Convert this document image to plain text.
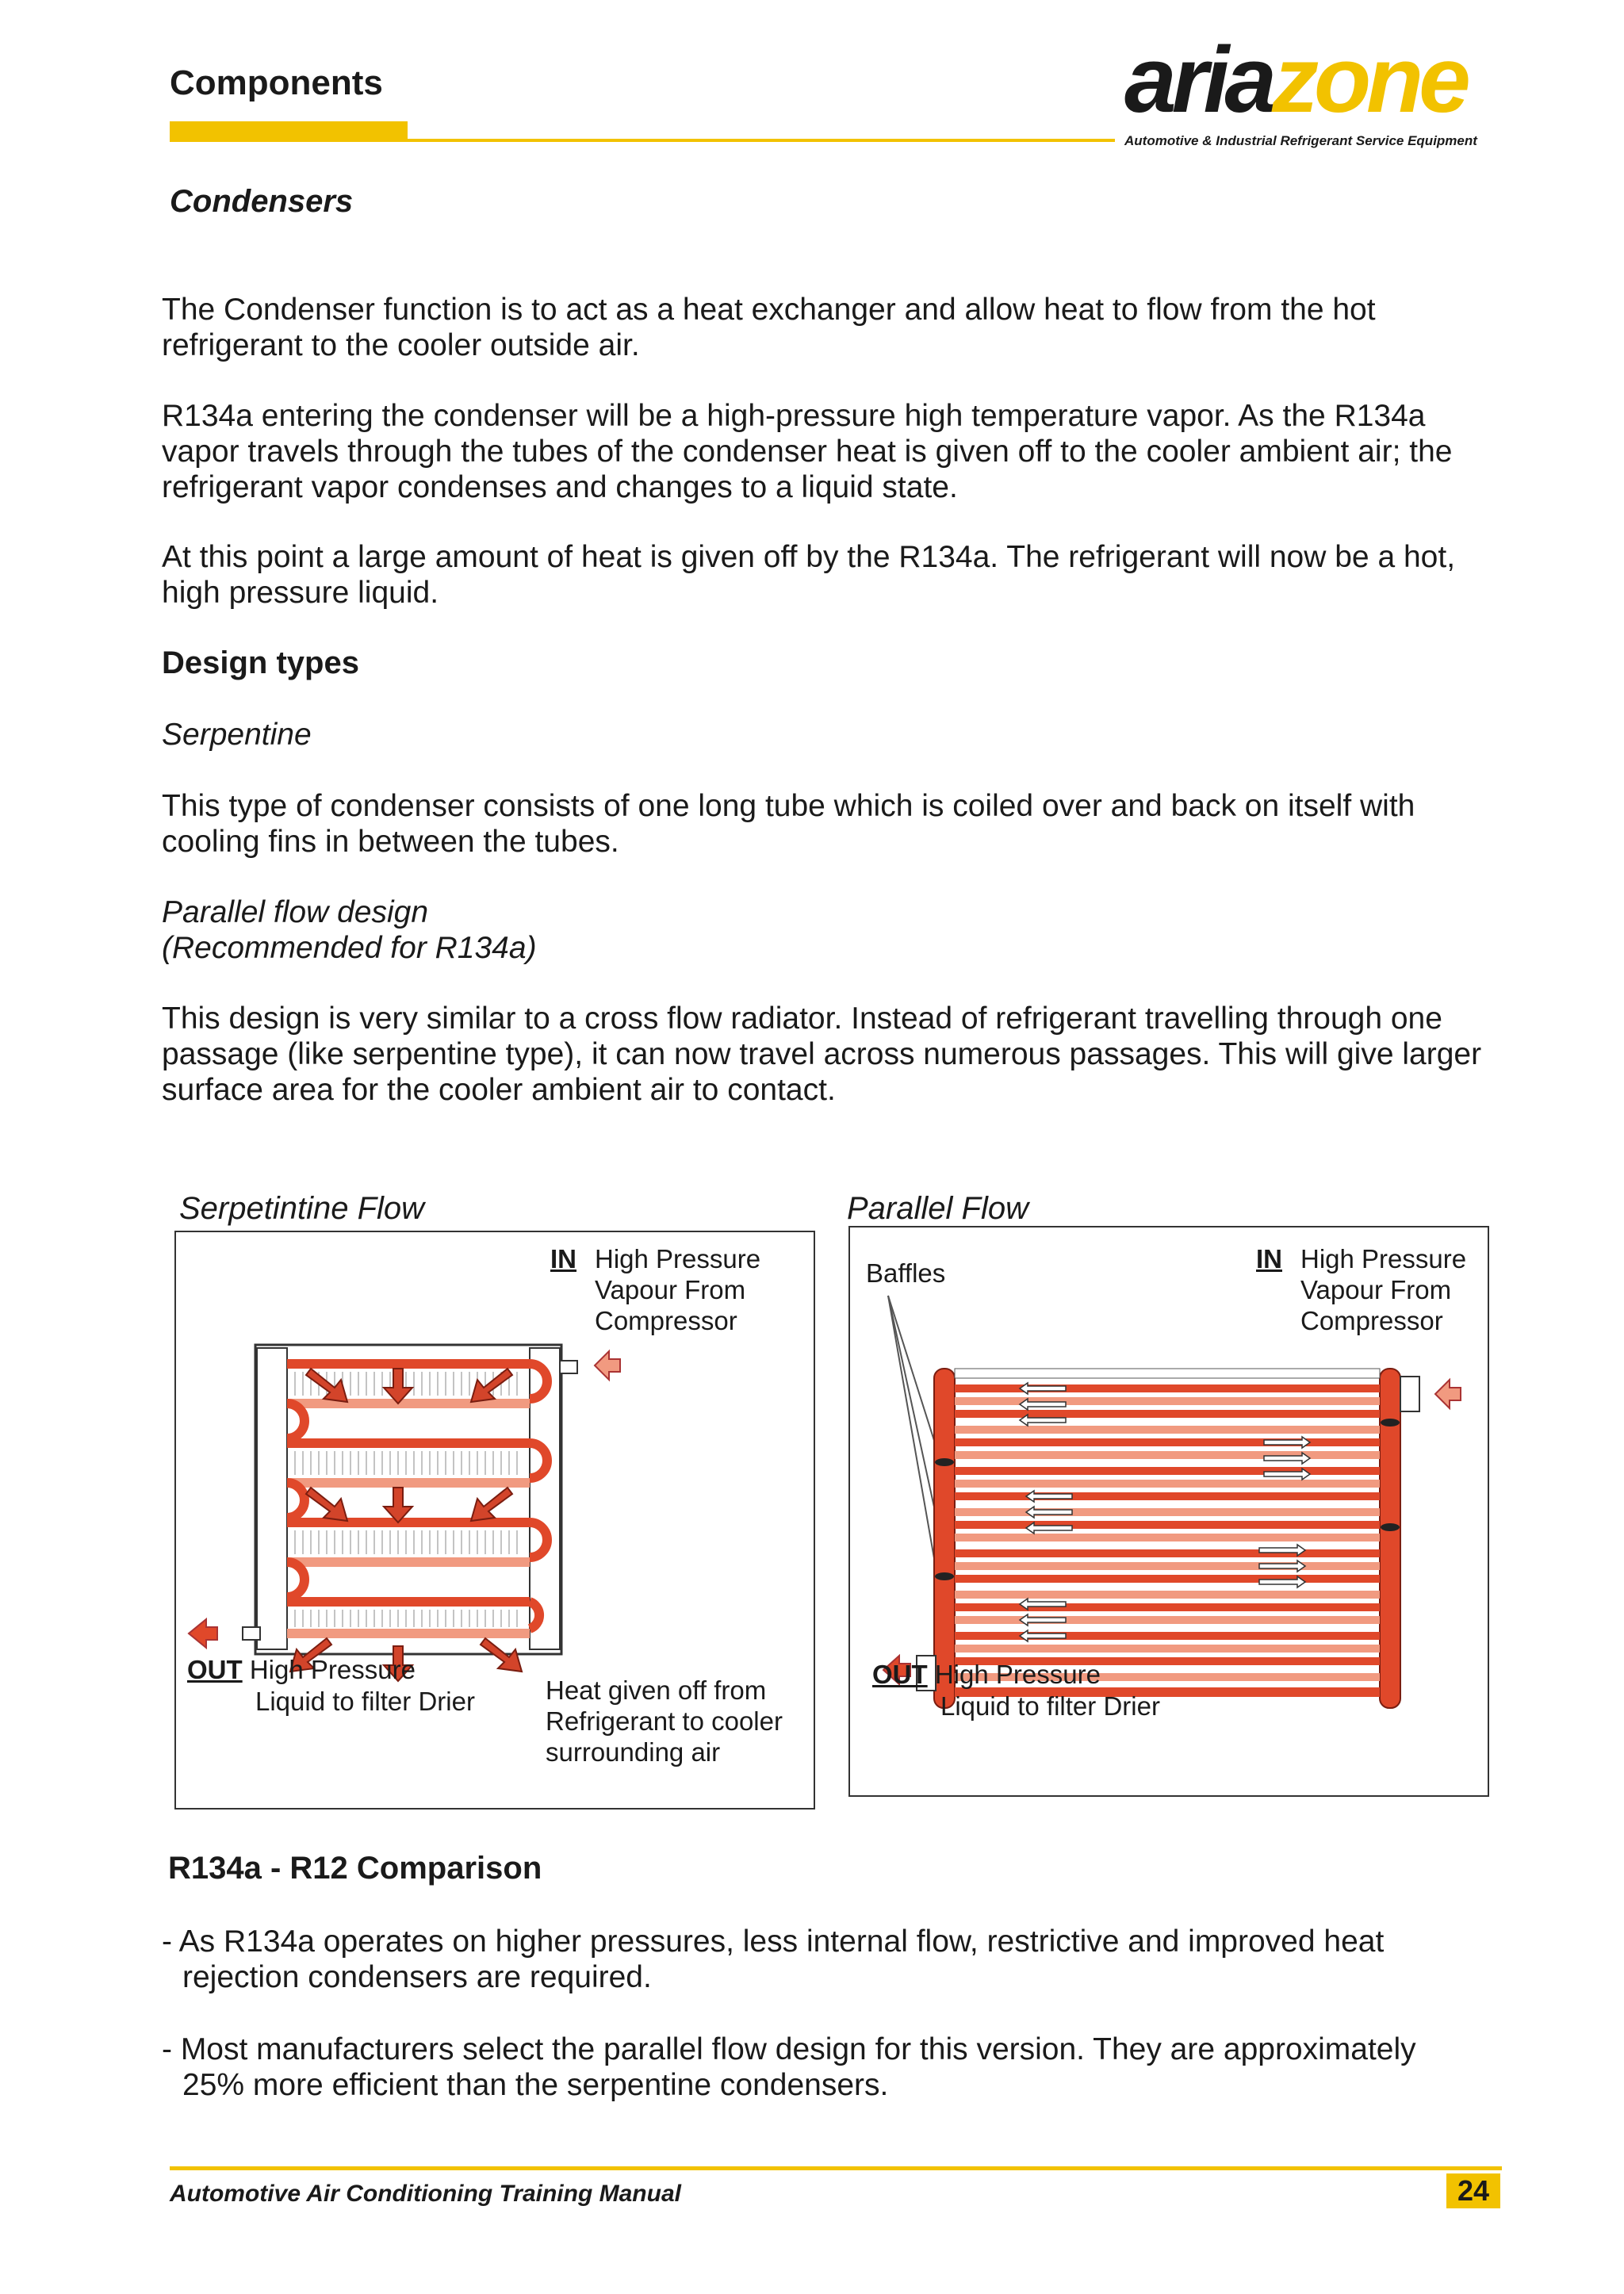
Components	ariazone
Automotive & Industrial Refrigerant Service Equipment
Condensers
The Condenser function is to act as a heat exchanger and allow heat to flow from the hot refrigerant to the cooler outside air.
R134a entering the condenser will be a high-pressure high temperature vapor. As the R134a vapor travels through the tubes of the condenser heat is given off to the cooler ambient air; the refrigerant vapor condenses and changes to a liquid state.
At this point a large amount of heat is given off by the R134a. The refrigerant will now be a hot, high pressure liquid.
Design types
Serpentine
This type of condenser consists of one long tube which is coiled over and back on itself with cooling fins in between the tubes.
Parallel flow design
(Recommended for R134a)
This design is very similar to a cross flow radiator. Instead of refrigerant travelling through one passage (like serpentine type), it can now travel across numerous passages. This will give larger surface area for the cooler ambient air to contact.
Serpetintine Flow
IN High Pressure
Vapour From
Compressor
OUT High Pressure
Liquid to filter Drier	Heat given off from
Refrigerant to cooler
surrounding air
Parallel Flow
Baffles	IN High Pressure
Vapour From
Compressor
OUT High Pressure
Liquid to filter Drier
R134a - R12 Comparison
- As R134a operates on higher pressures, less internal flow, restrictive and improved heat
rejection condensers are required.
- Most manufacturers select the parallel flow design for this version. They are approximately
25% more efficient than the serpentine condensers.
Automotive Air Conditioning Training Manual	24
